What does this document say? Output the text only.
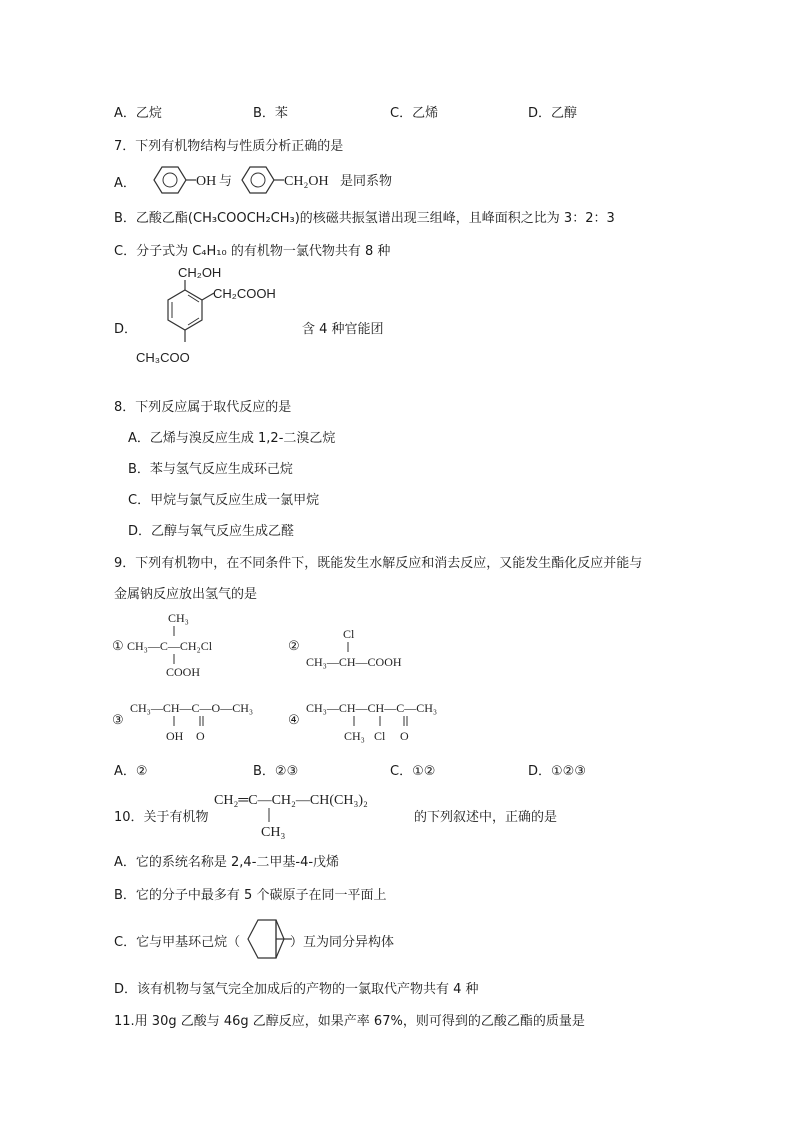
A．乙烷	B．苯	C．乙烯	D．乙醇
7．下列有机物结构与性质分析正确的是
A．	OH 与	CH₂OH 是同系物
B．乙酸乙酯(CH₃COOCH₂CH₃)的核磁共振氢谱出现三组峰，且峰面积之比为 3：2：3
C．分子式为 C₄H₁₀ 的有机物一氯代物共有 8 种
D．
CH₂OH
CH₂COOH
CH₃COO
含 4 种官能团
8．下列反应属于取代反应的是
A．乙烯与溴反应生成 1,2-二溴乙烷
B．苯与氢气反应生成环己烷
C．甲烷与氯气反应生成一氯甲烷
D．乙醇与氧气反应生成乙醛
9．下列有机物中，在不同条件下，既能发生水解反应和消去反应，又能发生酯化反应并能与
金属钠反应放出氢气的是
CH₃
① CH₃—C—CH₂Cl
COOH
Cl
②
CH₃—CH—COOH
③
CH₃—CH—C—O—CH₃
OH O
④
CH₃—CH—CH—C—CH₃
CH₃ Cl O
A．②	B．②③	C．①②	D．①②③
10．关于有机物
CH₂═C—CH₂—CH(CH₃)₂
CH₃
的下列叙述中，正确的是
A．它的系统名称是 2,4-二甲基-4-戊烯
B．它的分子中最多有 5 个碳原子在同一平面上
C．它与甲基环己烷（	）互为同分异构体
D．该有机物与氢气完全加成后的产物的一氯取代产物共有 4 种
11.用 30g 乙酸与 46g 乙醇反应，如果产率 67%，则可得到的乙酸乙酯的质量是
